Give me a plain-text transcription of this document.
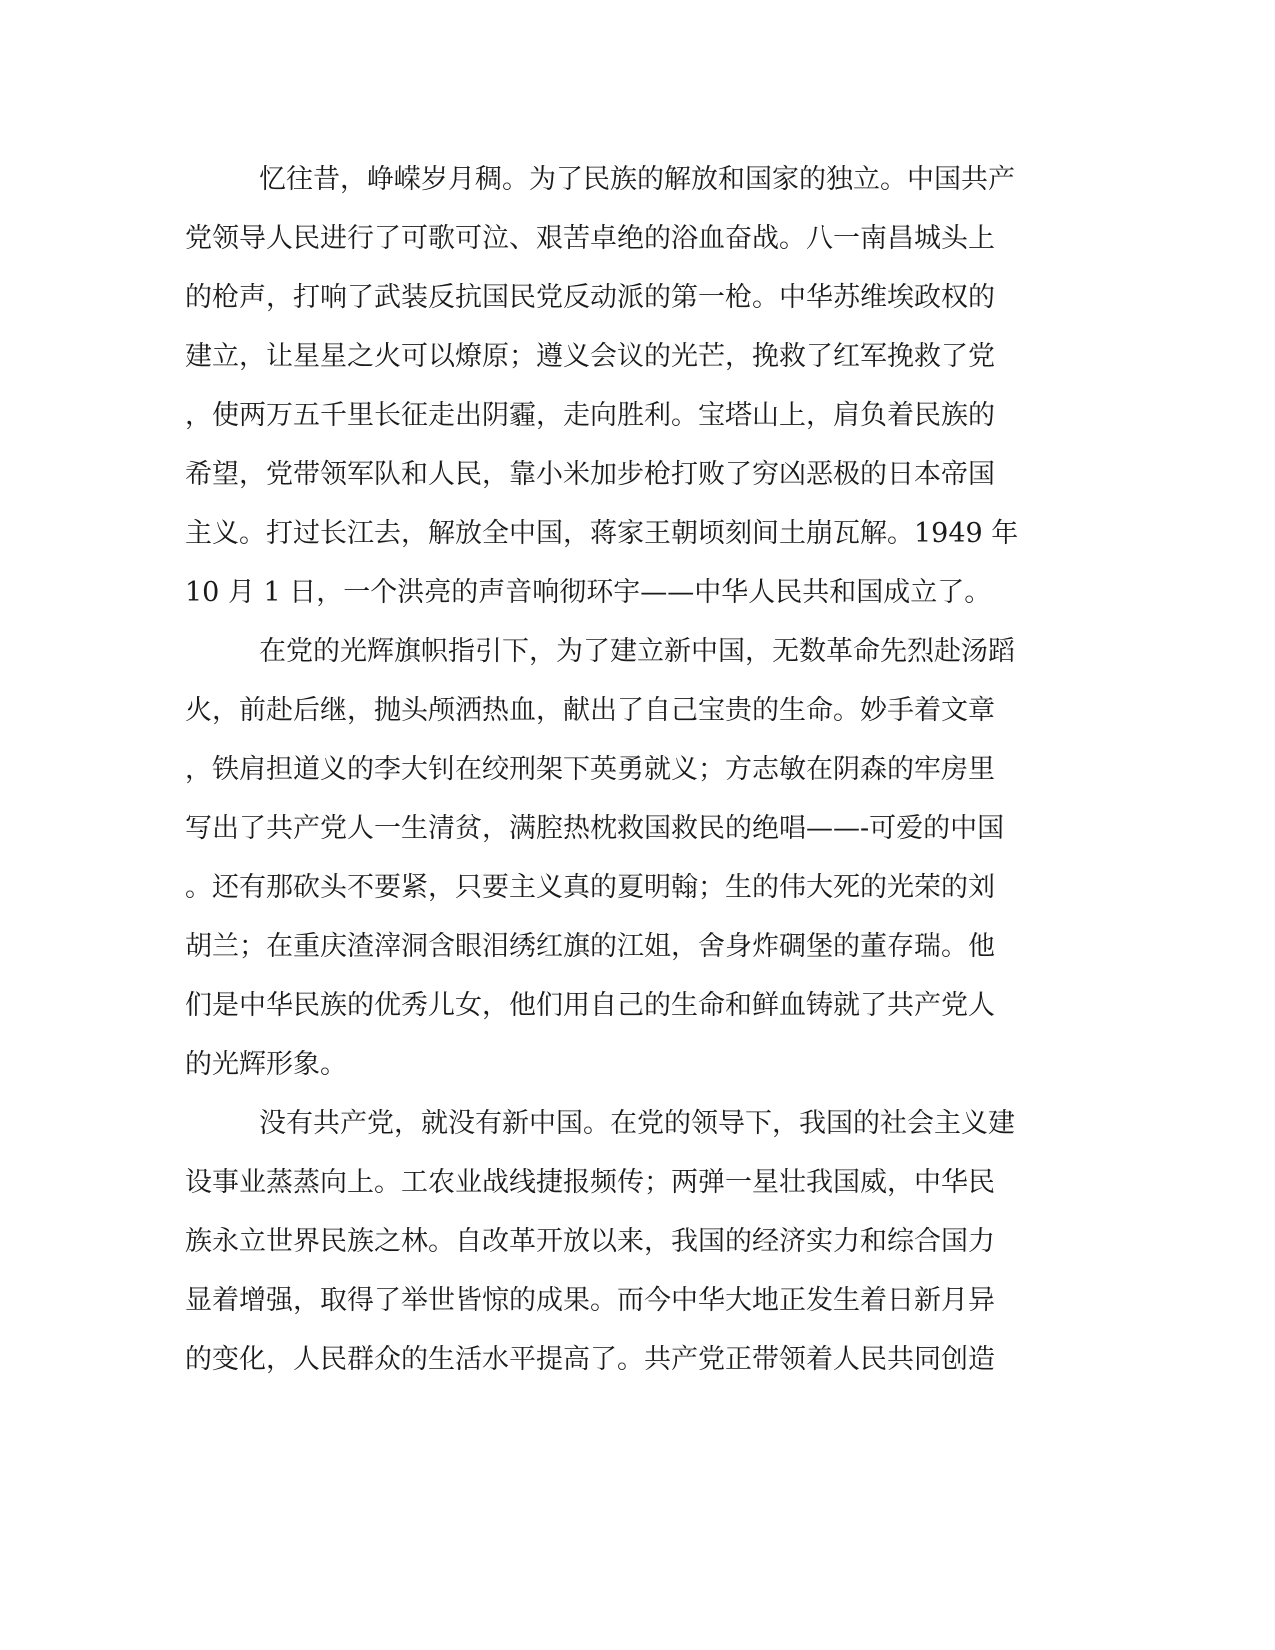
忆往昔，峥嵘岁月稠。为了民族的解放和国家的独立。中国共产
党领导人民进行了可歌可泣、艰苦卓绝的浴血奋战。八一南昌城头上
的枪声，打响了武装反抗国民党反动派的第一枪。中华苏维埃政权的
建立，让星星之火可以燎原；遵义会议的光芒，挽救了红军挽救了党
，使两万五千里长征走出阴霾，走向胜利。宝塔山上，肩负着民族的
希望，党带领军队和人民，靠小米加步枪打败了穷凶恶极的日本帝国
主义。打过长江去，解放全中国，蒋家王朝顷刻间土崩瓦解。1949 年
10 月 1 日，一个洪亮的声音响彻环宇——中华人民共和国成立了。
在党的光辉旗帜指引下，为了建立新中国，无数革命先烈赴汤蹈
火，前赴后继，抛头颅洒热血，献出了自己宝贵的生命。妙手着文章
，铁肩担道义的李大钊在绞刑架下英勇就义；方志敏在阴森的牢房里
写出了共产党人一生清贫，满腔热枕救国救民的绝唱——-可爱的中国
。还有那砍头不要紧，只要主义真的夏明翰；生的伟大死的光荣的刘
胡兰；在重庆渣滓洞含眼泪绣红旗的江姐，舍身炸碉堡的董存瑞。他
们是中华民族的优秀儿女，他们用自己的生命和鲜血铸就了共产党人
的光辉形象。
没有共产党，就没有新中国。在党的领导下，我国的社会主义建
设事业蒸蒸向上。工农业战线捷报频传；两弹一星壮我国威，中华民
族永立世界民族之林。自改革开放以来，我国的经济实力和综合国力
显着增强，取得了举世皆惊的成果。而今中华大地正发生着日新月异
的变化，人民群众的生活水平提高了。共产党正带领着人民共同创造
